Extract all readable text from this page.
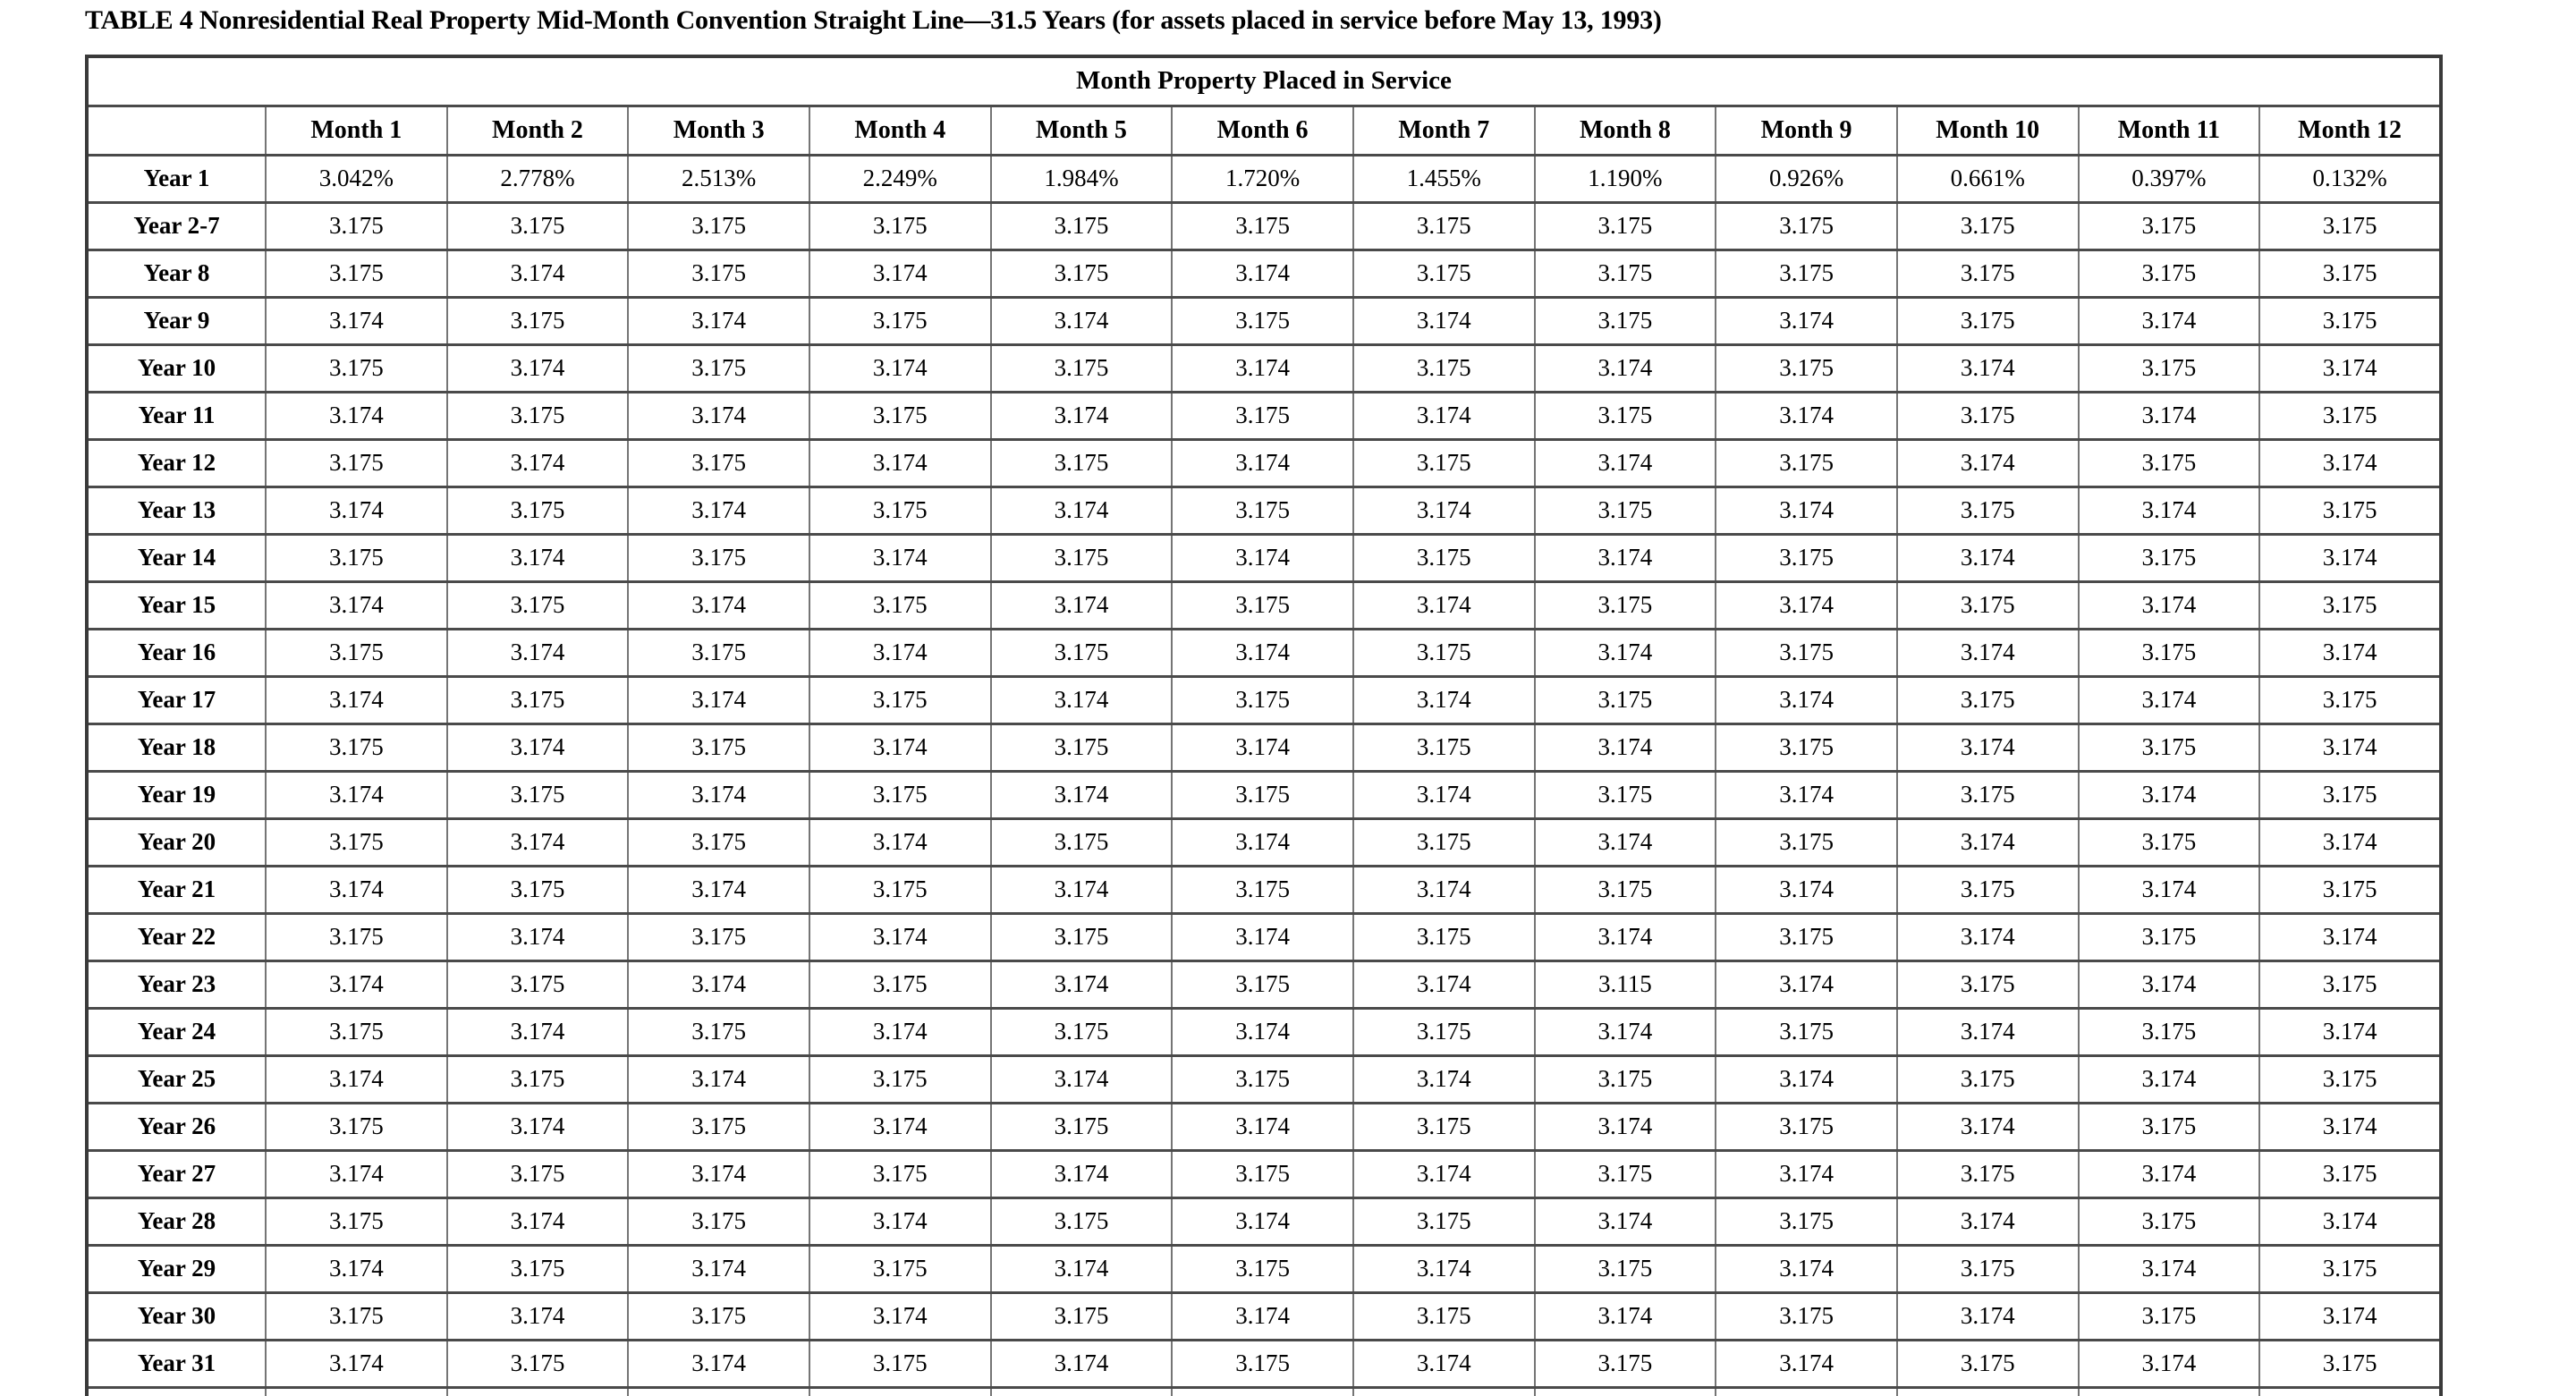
TABLE 4 Nonresidential Real Property Mid-Month Convention Straight Line—31.5 Years (for assets placed in service before May 13, 1993)
Month Property Placed in Service												
	Month 1	Month 2	Month 3	Month 4	Month 5	Month 6	Month 7	Month 8	Month 9	Month 10	Month 11	Month 12
Year 1	3.042%	2.778%	2.513%	2.249%	1.984%	1.720%	1.455%	1.190%	0.926%	0.661%	0.397%	0.132%
Year 2-7	3.175	3.175	3.175	3.175	3.175	3.175	3.175	3.175	3.175	3.175	3.175	3.175
Year 8	3.175	3.174	3.175	3.174	3.175	3.174	3.175	3.175	3.175	3.175	3.175	3.175
Year 9	3.174	3.175	3.174	3.175	3.174	3.175	3.174	3.175	3.174	3.175	3.174	3.175
Year 10	3.175	3.174	3.175	3.174	3.175	3.174	3.175	3.174	3.175	3.174	3.175	3.174
Year 11	3.174	3.175	3.174	3.175	3.174	3.175	3.174	3.175	3.174	3.175	3.174	3.175
Year 12	3.175	3.174	3.175	3.174	3.175	3.174	3.175	3.174	3.175	3.174	3.175	3.174
Year 13	3.174	3.175	3.174	3.175	3.174	3.175	3.174	3.175	3.174	3.175	3.174	3.175
Year 14	3.175	3.174	3.175	3.174	3.175	3.174	3.175	3.174	3.175	3.174	3.175	3.174
Year 15	3.174	3.175	3.174	3.175	3.174	3.175	3.174	3.175	3.174	3.175	3.174	3.175
Year 16	3.175	3.174	3.175	3.174	3.175	3.174	3.175	3.174	3.175	3.174	3.175	3.174
Year 17	3.174	3.175	3.174	3.175	3.174	3.175	3.174	3.175	3.174	3.175	3.174	3.175
Year 18	3.175	3.174	3.175	3.174	3.175	3.174	3.175	3.174	3.175	3.174	3.175	3.174
Year 19	3.174	3.175	3.174	3.175	3.174	3.175	3.174	3.175	3.174	3.175	3.174	3.175
Year 20	3.175	3.174	3.175	3.174	3.175	3.174	3.175	3.174	3.175	3.174	3.175	3.174
Year 21	3.174	3.175	3.174	3.175	3.174	3.175	3.174	3.175	3.174	3.175	3.174	3.175
Year 22	3.175	3.174	3.175	3.174	3.175	3.174	3.175	3.174	3.175	3.174	3.175	3.174
Year 23	3.174	3.175	3.174	3.175	3.174	3.175	3.174	3.115	3.174	3.175	3.174	3.175
Year 24	3.175	3.174	3.175	3.174	3.175	3.174	3.175	3.174	3.175	3.174	3.175	3.174
Year 25	3.174	3.175	3.174	3.175	3.174	3.175	3.174	3.175	3.174	3.175	3.174	3.175
Year 26	3.175	3.174	3.175	3.174	3.175	3.174	3.175	3.174	3.175	3.174	3.175	3.174
Year 27	3.174	3.175	3.174	3.175	3.174	3.175	3.174	3.175	3.174	3.175	3.174	3.175
Year 28	3.175	3.174	3.175	3.174	3.175	3.174	3.175	3.174	3.175	3.174	3.175	3.174
Year 29	3.174	3.175	3.174	3.175	3.174	3.175	3.174	3.175	3.174	3.175	3.174	3.175
Year 30	3.175	3.174	3.175	3.174	3.175	3.174	3.175	3.174	3.175	3.174	3.175	3.174
Year 31	3.174	3.175	3.174	3.175	3.174	3.175	3.174	3.175	3.174	3.175	3.174	3.175
